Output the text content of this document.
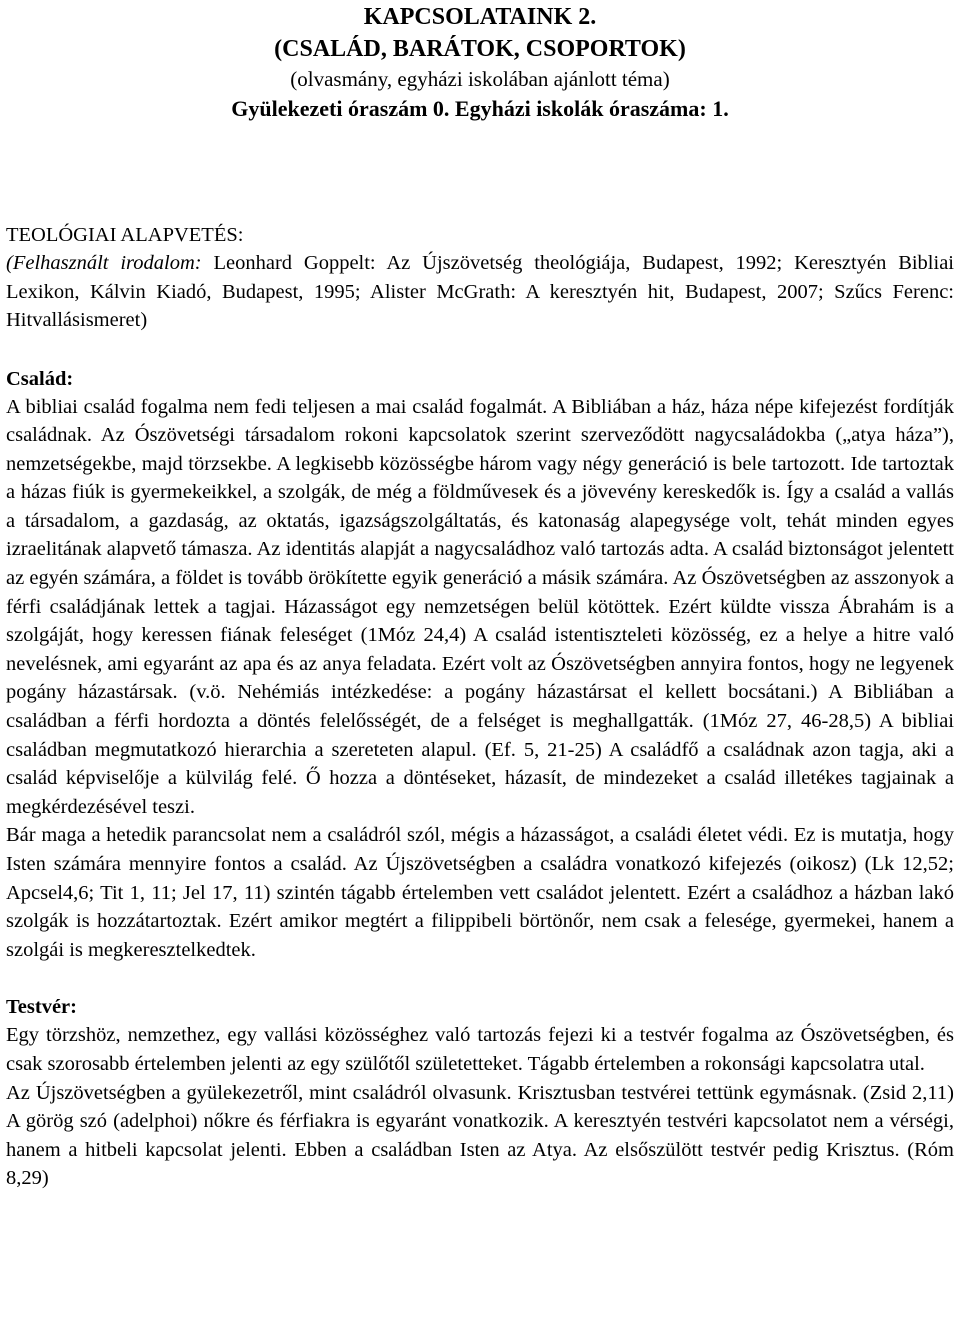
KAPCSOLATAINK 2.

(CSALÁD, BARÁTOK, CSOPORTOK)

(olvasmány, egyházi iskolában ajánlott téma)

Gyülekezeti óraszám 0. Egyházi iskolák óraszáma: 1.

TEOLÓGIAI ALAPVETÉS:

(Felhasznált irodalom: Leonhard Goppelt: Az Újszövetség theológiája, Budapest, 1992; Keresztyén Bibliai Lexikon, Kálvin Kiadó, Budapest, 1995; Alister McGrath: A keresztyén hit, Budapest, 2007; Szűcs Ferenc: Hitvallásismeret)

Család:

A bibliai család fogalma nem fedi teljesen a mai család fogalmát. A Bibliában a ház, háza népe kifejezést fordítják családnak. Az Ószövetségi társadalom rokoni kapcsolatok szerint szerveződött nagycsaládokba („atya háza”), nemzetségekbe, majd törzsekbe. A legkisebb közösségbe három vagy négy generáció is bele tartozott. Ide tartoztak a házas fiúk is gyermekeikkel, a szolgák, de még a földművesek és a jövevény kereskedők is. Így a család a vallás a társadalom, a gazdaság, az oktatás, igazságszolgáltatás, és katonaság alapegysége volt, tehát minden egyes izraelitának alapvető támasza. Az identitás alapját a nagycsaládhoz való tartozás adta. A család biztonságot jelentett az egyén számára, a földet is tovább örökítette egyik generáció a másik számára. Az Ószövetségben az asszonyok a férfi családjának lettek a tagjai. Házasságot egy nemzetségen belül kötöttek. Ezért küldte vissza Ábrahám is a szolgáját, hogy keressen fiának feleséget (1Móz 24,4) A család istentiszteleti közösség, ez a helye a hitre való nevelésnek, ami egyaránt az apa és az anya feladata. Ezért volt az Ószövetségben annyira fontos, hogy ne legyenek pogány házastársak. (v.ö. Nehémiás intézkedése: a pogány házastársat el kellett bocsátani.) A Bibliában a családban a férfi hordozta a döntés felelősségét, de a felséget is meghallgatták. (1Móz 27, 46-28,5) A bibliai családban megmutatkozó hierarchia a szereteten alapul. (Ef. 5, 21-25) A családfő a családnak azon tagja, aki a család képviselője a külvilág felé. Ő hozza a döntéseket, házasít, de mindezeket a család illetékes tagjainak a megkérdezésével teszi.

Bár maga a hetedik parancsolat nem a családról szól, mégis a házasságot, a családi életet védi. Ez is mutatja, hogy Isten számára mennyire fontos a család. Az Újszövetségben a családra vonatkozó kifejezés (oikosz) (Lk 12,52; Apcsel4,6; Tit 1, 11; Jel 17, 11) szintén tágabb értelemben vett családot jelentett. Ezért a családhoz a házban lakó szolgák is hozzátartoztak. Ezért amikor megtért a filippibeli börtönőr, nem csak a felesége, gyermekei, hanem a szolgái is megkeresztelkedtek.

Testvér:

Egy törzshöz, nemzethez, egy vallási közösséghez való tartozás fejezi ki a testvér fogalma az Ószövetségben, és csak szorosabb értelemben jelenti az egy szülőtől születetteket. Tágabb értelemben a rokonsági kapcsolatra utal.

Az Újszövetségben a gyülekezetről, mint családról olvasunk. Krisztusban testvérei tettünk egymásnak. (Zsid 2,11) A görög szó (adelphoi) nőkre és férfiakra is egyaránt vonatkozik. A keresztyén testvéri kapcsolatot nem a vérségi, hanem a hitbeli kapcsolat jelenti. Ebben a családban Isten az Atya. Az elsőszülött testvér pedig Krisztus. (Róm 8,29)
